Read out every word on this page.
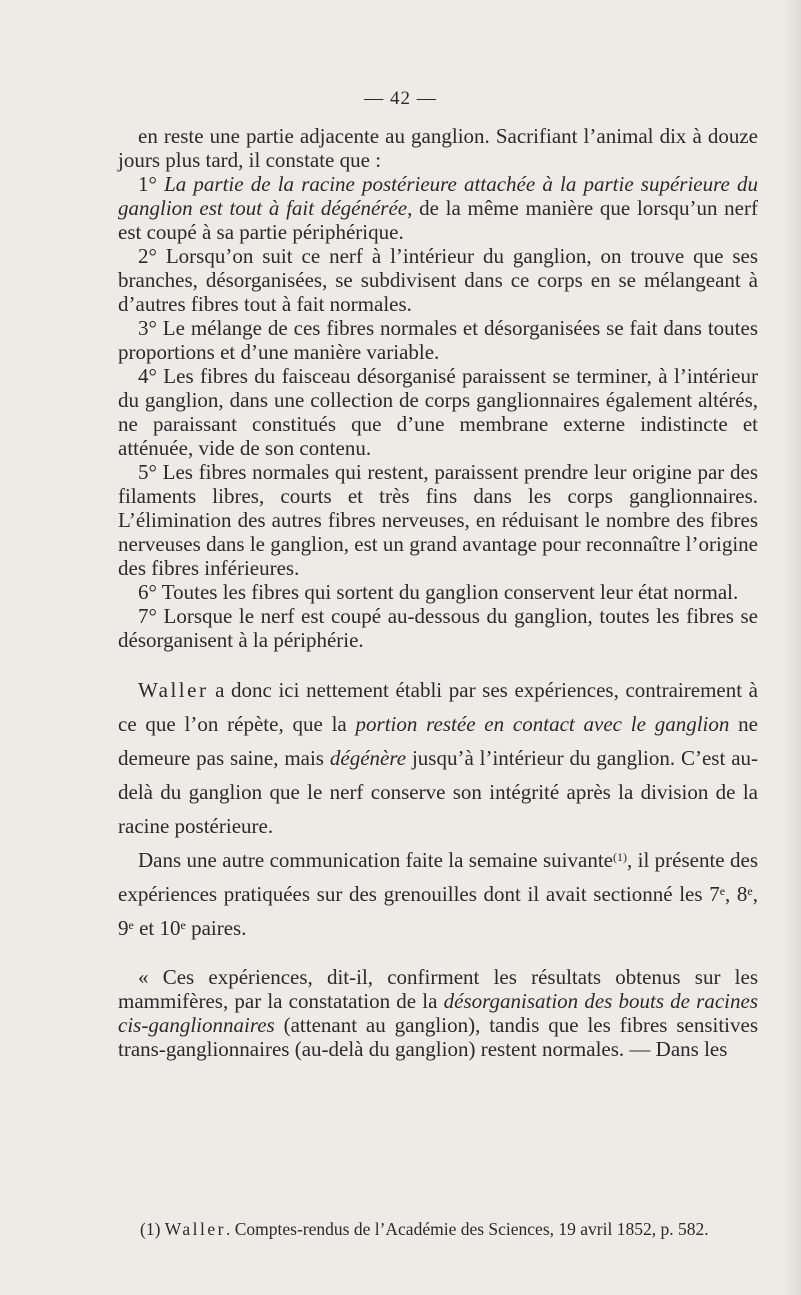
— 42 —

en reste une partie adjacente au ganglion. Sacrifiant l’animal dix à douze jours plus tard, il constate que :

1° La partie de la racine postérieure attachée à la partie supérieure du ganglion est tout à fait dégénérée, de la même manière que lorsqu’un nerf est coupé à sa partie périphérique.

2° Lorsqu’on suit ce nerf à l’intérieur du ganglion, on trouve que ses branches, désorganisées, se subdivisent dans ce corps en se mélangeant à d’autres fibres tout à fait normales.

3° Le mélange de ces fibres normales et désorganisées se fait dans toutes proportions et d’une manière variable.

4° Les fibres du faisceau désorganisé paraissent se terminer, à l’intérieur du ganglion, dans une collection de corps ganglionnaires également altérés, ne paraissant constitués que d’une membrane externe indistincte et atténuée, vide de son contenu.

5° Les fibres normales qui restent, paraissent prendre leur origine par des filaments libres, courts et très fins dans les corps ganglionnaires. L’élimination des autres fibres nerveuses, en réduisant le nombre des fibres nerveuses dans le ganglion, est un grand avantage pour reconnaître l’origine des fibres inférieures.

6° Toutes les fibres qui sortent du ganglion conservent leur état normal.

7° Lorsque le nerf est coupé au-dessous du ganglion, toutes les fibres se désorganisent à la périphérie.

Waller a donc ici nettement établi par ses expériences, contrairement à ce que l’on répète, que la portion restée en contact avec le ganglion ne demeure pas saine, mais dégénère jusqu’à l’intérieur du ganglion. C’est au-delà du ganglion que le nerf conserve son intégrité après la division de la racine postérieure.

Dans une autre communication faite la semaine suivante$^{(1)}$, il présente des expériences pratiquées sur des grenouilles dont il avait sectionné les 7e, 8e, 9e et 10e paires.

« Ces expériences, dit-il, confirment les résultats obtenus sur les mammifères, par la constatation de la désorganisation des bouts de racines cis-ganglionnaires (attenant au ganglion), tandis que les fibres sensitives trans-ganglionnaires (au-delà du ganglion) restent normales. — Dans les

(1) Waller. Comptes-rendus de l’Académie des Sciences, 19 avril 1852, p. 582.
